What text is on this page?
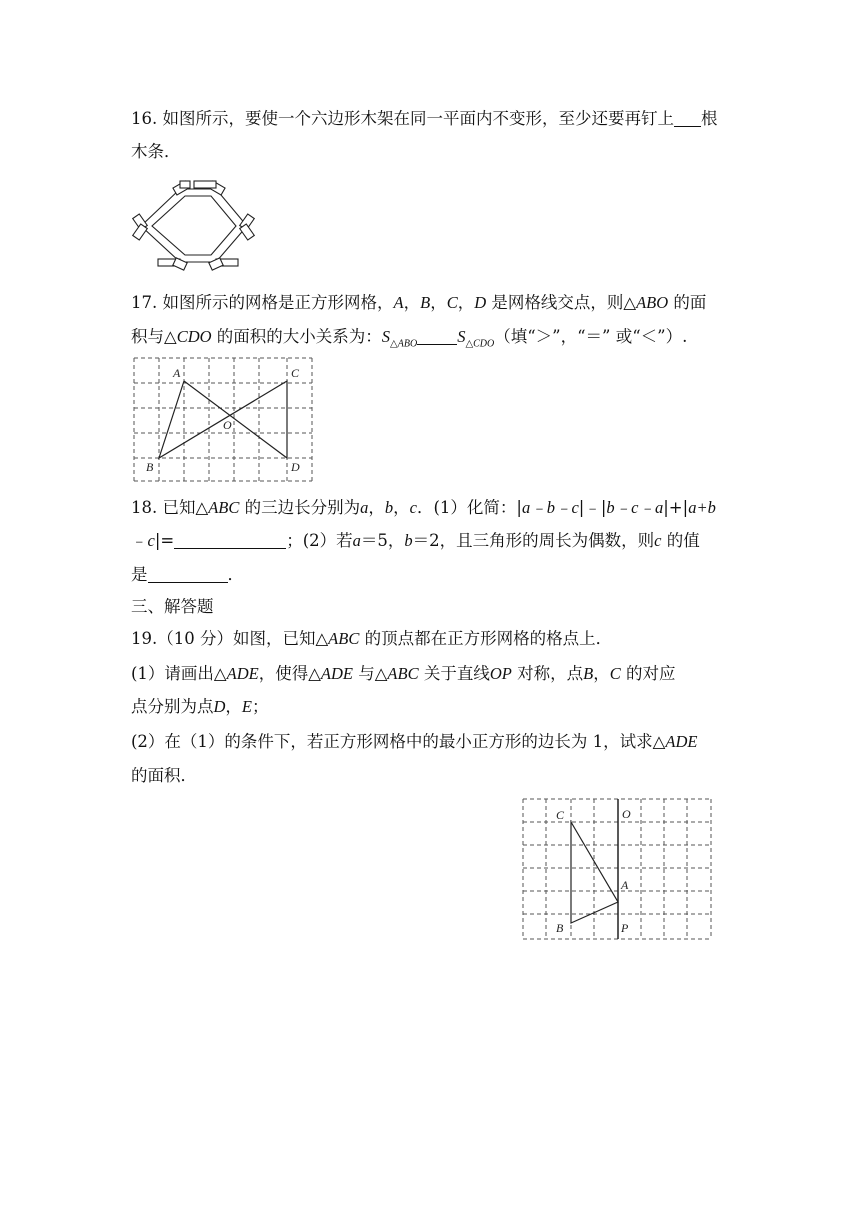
16. 如图所示，要使一个六边形木架在同一平面内不变形，至少还要再钉上 根
木条．
17. 如图所示的网格是正方形网格，A，B，C，D 是网格线交点，则△ABO 的面
积与△CDO 的面积的大小关系为：$S_{\triangle ABO}$ $S_{\triangle CDO}$（填“＞”，“＝” 或“＜”）.
A	C
O
B	D
18. 已知△ABC 的三边长分别为a，b，c．(1）化简：|a﹣b﹣c|﹣|b﹣c﹣a|+|a+b
﹣c|=	；(2）若a＝5，b＝2，且三角形的周长为偶数，则c 的值
是	．
三、解答题
19.（10 分）如图，已知△ABC 的顶点都在正方形网格的格点上．
(1）请画出△ADE，使得△ADE 与△ABC 关于直线OP 对称，点B，C 的对应
点分别为点D，E；
(2）在（1）的条件下，若正方形网格中的最小正方形的边长为 1，试求△ADE
的面积．
C	O
A
B	P
